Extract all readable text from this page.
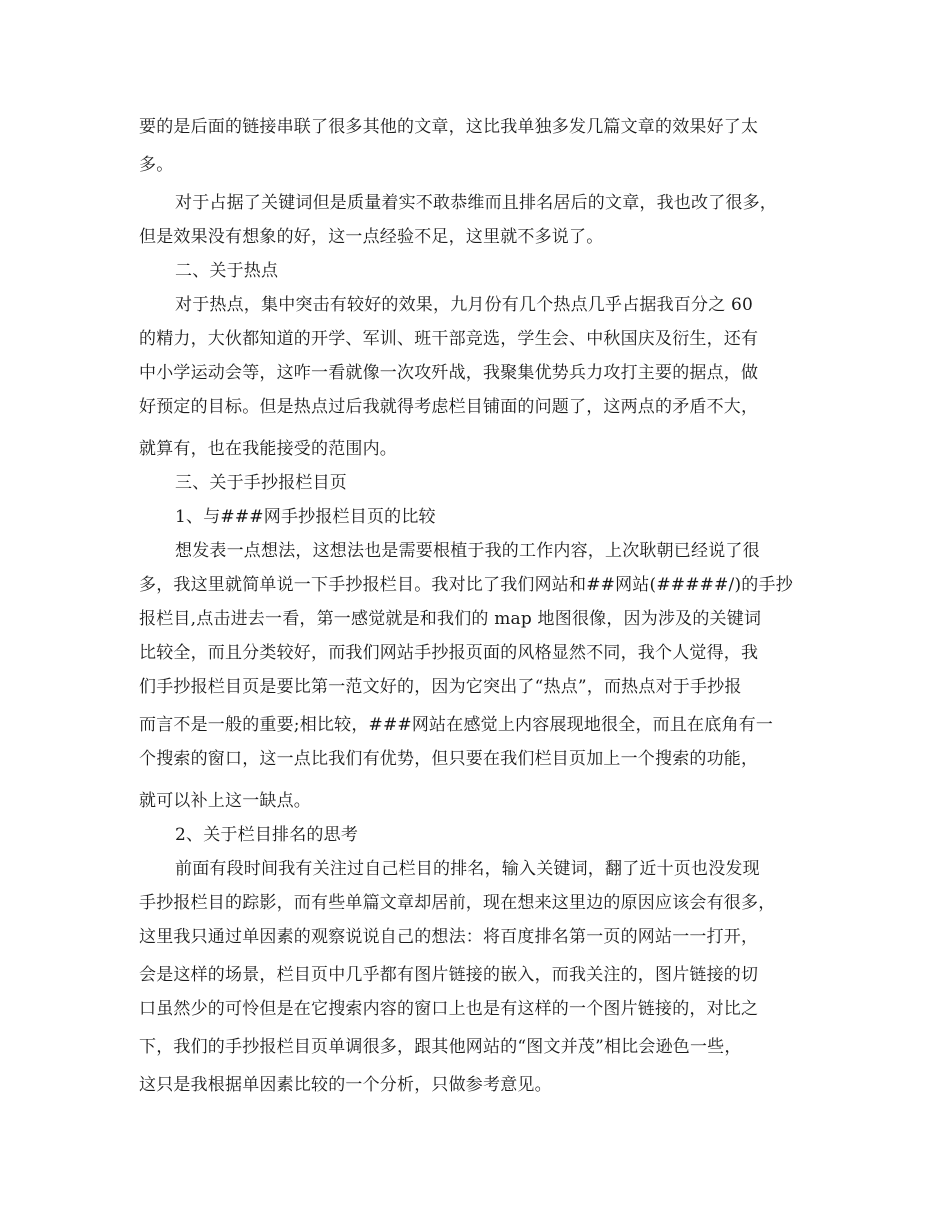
要的是后面的链接串联了很多其他的文章，这比我单独多发几篇文章的效果好了太
多。
对于占据了关键词但是质量着实不敢恭维而且排名居后的文章，我也改了很多，
但是效果没有想象的好，这一点经验不足，这里就不多说了。
二、关于热点
对于热点，集中突击有较好的效果，九月份有几个热点几乎占据我百分之 60
的精力，大伙都知道的开学、军训、班干部竞选，学生会、中秋国庆及衍生，还有
中小学运动会等，这咋一看就像一次攻歼战，我聚集优势兵力攻打主要的据点，做
好预定的目标。但是热点过后我就得考虑栏目铺面的问题了，这两点的矛盾不大，
就算有，也在我能接受的范围内。
三、关于手抄报栏目页
1、与###网手抄报栏目页的比较
想发表一点想法，这想法也是需要根植于我的工作内容，上次耿朝已经说了很
多，我这里就简单说一下手抄报栏目。我对比了我们网站和##网站(#####/)的手抄
报栏目,点击进去一看，第一感觉就是和我们的 map 地图很像，因为涉及的关键词
比较全，而且分类较好，而我们网站手抄报页面的风格显然不同，我个人觉得，我
们手抄报栏目页是要比第一范文好的，因为它突出了“热点”，而热点对于手抄报
而言不是一般的重要;相比较，###网站在感觉上内容展现地很全，而且在底角有一
个搜索的窗口，这一点比我们有优势，但只要在我们栏目页加上一个搜索的功能，
就可以补上这一缺点。
2、关于栏目排名的思考
前面有段时间我有关注过自己栏目的排名，输入关键词，翻了近十页也没发现
手抄报栏目的踪影，而有些单篇文章却居前，现在想来这里边的原因应该会有很多，
这里我只通过单因素的观察说说自己的想法：将百度排名第一页的网站一一打开，
会是这样的场景，栏目页中几乎都有图片链接的嵌入，而我关注的，图片链接的切
口虽然少的可怜但是在它搜索内容的窗口上也是有这样的一个图片链接的，对比之
下，我们的手抄报栏目页单调很多，跟其他网站的“图文并茂”相比会逊色一些，
这只是我根据单因素比较的一个分析，只做参考意见。
